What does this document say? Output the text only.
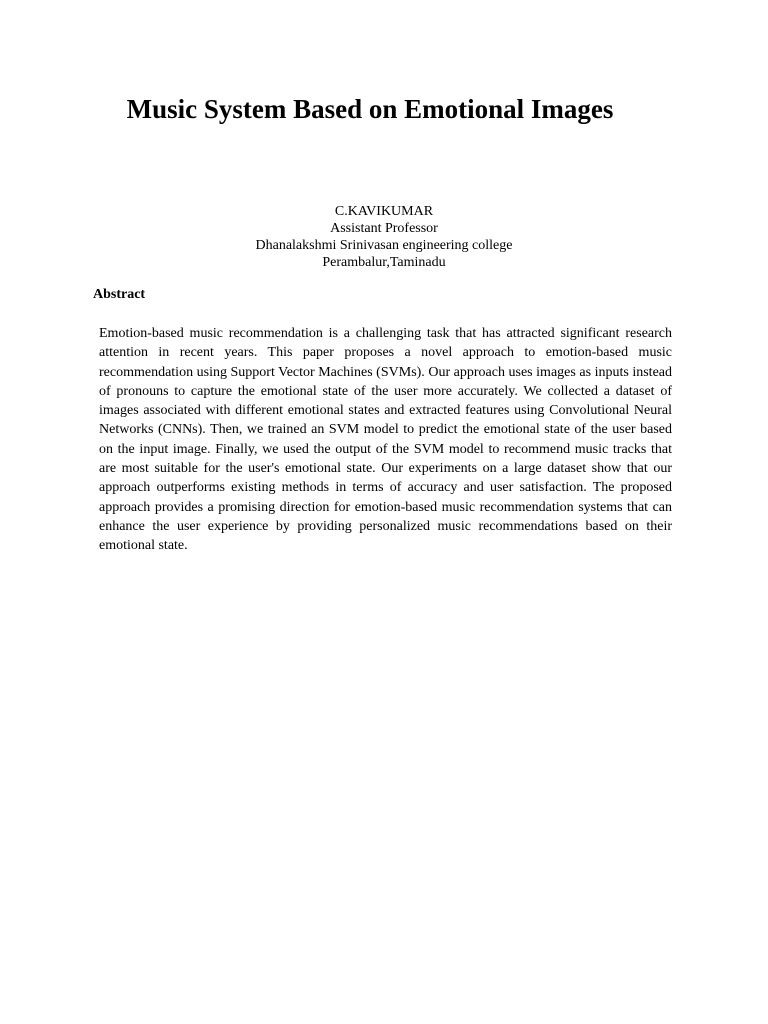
Music System Based on Emotional Images
C.KAVIKUMAR
Assistant Professor
Dhanalakshmi Srinivasan engineering college
Perambalur,Taminadu
Abstract

Emotion-based music recommendation is a challenging task that has attracted significant research attention in recent years. This paper proposes a novel approach to emotion-based music recommendation using Support Vector Machines (SVMs). Our approach uses images as inputs instead of pronouns to capture the emotional state of the user more accurately. We collected a dataset of images associated with different emotional states and extracted features using Convolutional Neural Networks (CNNs). Then, we trained an SVM model to predict the emotional state of the user based on the input image. Finally, we used the output of the SVM model to recommend music tracks that are most suitable for the user's emotional state. Our experiments on a large dataset show that our approach outperforms existing methods in terms of accuracy and user satisfaction. The proposed approach provides a promising direction for emotion-based music recommendation systems that can enhance the user experience by providing personalized music recommendations based on their emotional state.
